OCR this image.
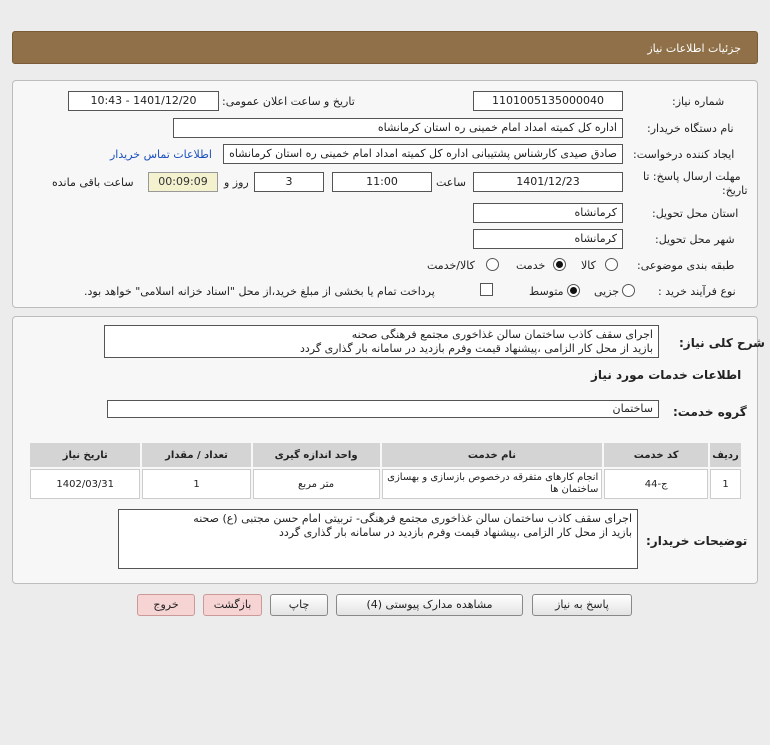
جزئیات اطلاعات نیاز
شماره نیاز:
1101005135000040
تاریخ و ساعت اعلان عمومی:
1401/12/20 - 10:43
نام دستگاه خریدار:
اداره کل کمیته امداد امام خمینی ره استان کرمانشاه
ایجاد کننده درخواست:
صادق صیدی کارشناس پشتیبانی اداره کل کمیته امداد امام خمینی ره استان کرمانشاه
اطلاعات تماس خریدار
مهلت ارسال پاسخ: تا
تاریخ:
1401/12/23
ساعت
11:00
3
روز و
00:09:09
ساعت باقی مانده
استان محل تحویل:
کرمانشاه
شهر محل تحویل:
کرمانشاه
طبقه بندی موضوعی:
کالا
خدمت
کالا/خدمت
نوع فرآیند خرید :
جزیی
متوسط
پرداخت تمام یا بخشی از مبلغ خرید،از محل "اسناد خزانه اسلامی" خواهد بود.
شرح کلی نیاز:
اجرای سقف کاذب ساختمان سالن غذاخوری مجتمع فرهنگی صحنه
بازید از محل کار الزامی ،پیشنهاد قیمت وفرم بازدید در سامانه بار گذاری گردد
اطلاعات خدمات مورد نیاز
گروه خدمت:
ساختمان
ردیف	کد خدمت	نام خدمت	واحد اندازه گیری	تعداد / مقدار	تاریخ نیاز
1	ج-44	انجام کارهای متفرقه درخصوص بازسازی و بهسازی ساختمان ها	متر مربع	1	1402/03/31
توضیحات خریدار:
اجرای سقف کاذب ساختمان سالن غذاخوری مجتمع فرهنگی- تربیتی امام حسن مجتبی (ع) صحنه
بازید از محل کار الزامی ،پیشنهاد قیمت وفرم بازدید در سامانه بار گذاری گردد
پاسخ به نیاز
مشاهده مدارک پیوستی (4)
چاپ
بازگشت
خروج
